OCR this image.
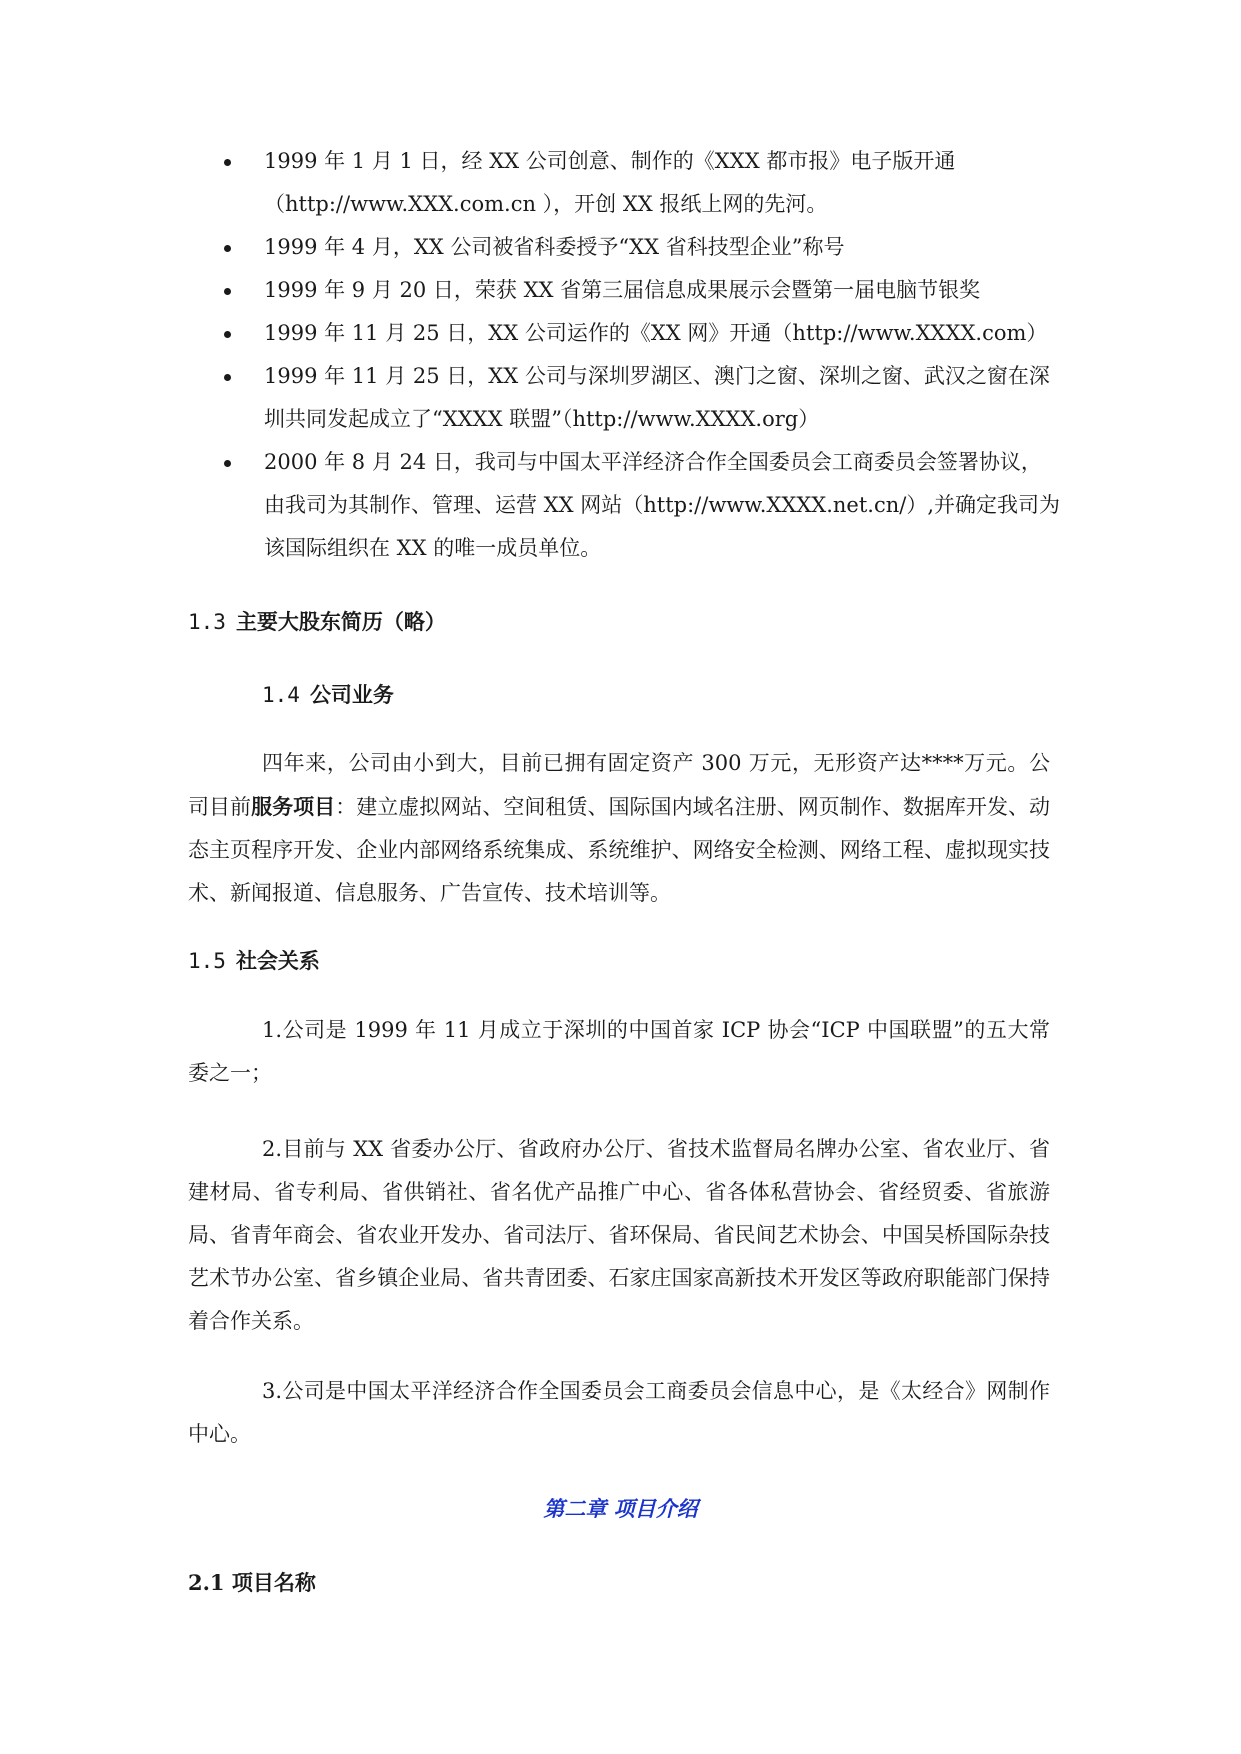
1999 年 1 月 1 日，经 XX 公司创意、制作的《XXX 都市报》电子版开通（http://www.XXX.com.cn ），开创 XX 报纸上网的先河。
1999 年 4 月，XX 公司被省科委授予“XX 省科技型企业”称号
1999 年 9 月 20 日，荣获 XX 省第三届信息成果展示会暨第一届电脑节银奖
1999 年 11 月 25 日，XX 公司运作的《XX 网》开通（http://www.XXXX.com）
1999 年 11 月 25 日，XX 公司与深圳罗湖区、澳门之窗、深圳之窗、武汉之窗在深圳共同发起成立了“XXXX 联盟”（http://www.XXXX.org）
2000 年 8 月 24 日，我司与中国太平洋经济合作全国委员会工商委员会签署协议，由我司为其制作、管理、运营 XX 网站（http://www.XXXX.net.cn/）,并确定我司为该国际组织在 XX 的唯一成员单位。
1.3 主要大股东简历（略）
1.4 公司业务

四年来，公司由小到大，目前已拥有固定资产 300 万元，无形资产达****万元。公司目前服务项目：建立虚拟网站、空间租赁、国际国内域名注册、网页制作、数据库开发、动态主页程序开发、企业内部网络系统集成、系统维护、网络安全检测、网络工程、虚拟现实技术、新闻报道、信息服务、广告宣传、技术培训等。

1.5 社会关系

1.公司是 1999 年 11 月成立于深圳的中国首家 ICP 协会“ICP 中国联盟”的五大常委之一；

2.目前与 XX 省委办公厅、省政府办公厅、省技术监督局名牌办公室、省农业厅、省建材局、省专利局、省供销社、省名优产品推广中心、省各体私营协会、省经贸委、省旅游局、省青年商会、省农业开发办、省司法厅、省环保局、省民间艺术协会、中国吴桥国际杂技艺术节办公室、省乡镇企业局、省共青团委、石家庄国家高新技术开发区等政府职能部门保持着合作关系。

3.公司是中国太平洋经济合作全国委员会工商委员会信息中心，是《太经合》网制作中心。

第二章 项目介绍
2.1 项目名称
